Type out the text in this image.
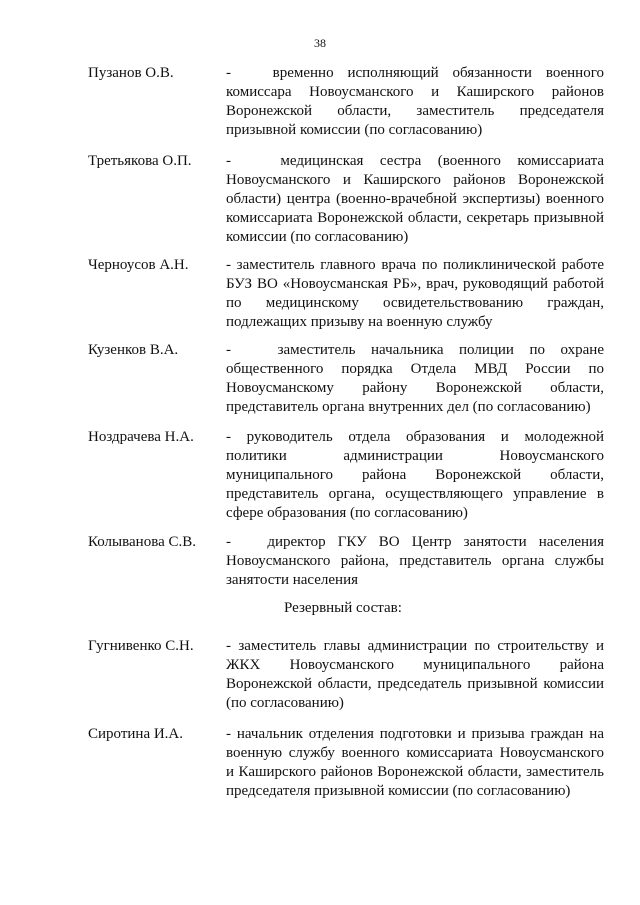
38
Пузанов О.В.	-   временно исполняющий обязанности военного комиссара Новоусманского и Каширского районов Воронежской области, заместитель председателя призывной комиссии (по согласованию)
Третьякова О.П. -   медицинская сестра (военного комиссариата Новоусманского и Каширского районов Воронежской области) центра (военно-врачебной экспертизы) военного комиссариата Воронежской области, секретарь призывной комиссии (по согласованию)
Черноусов А.Н. - заместитель главного врача по поликлинической работе БУЗ ВО «Новоусманская РБ», врач, руководящий работой по медицинскому освидетельствованию граждан, подлежащих призыву на военную службу
Кузенков В.А.	-   заместитель начальника полиции по охране общественного порядка Отдела МВД России по Новоусманскому району Воронежской области, представитель органа внутренних дел (по согласованию)
Ноздрачева Н.А. - руководитель отдела образования и молодежной политики администрации Новоусманского муниципального района Воронежской области, представитель органа, осуществляющего управление в сфере образования (по согласованию)
Колыванова С.В. -   директор ГКУ ВО Центр занятости населения Новоусманского района, представитель органа службы занятости населения
Резервный состав:
Гугнивенко С.Н. - заместитель главы администрации по строительству и ЖКХ Новоусманского муниципального района Воронежской области, председатель призывной комиссии (по согласованию)
Сиротина И.А.	- начальник отделения подготовки и призыва граждан на военную службу военного комиссариата Новоусманского и Каширского районов Воронежской области, заместитель председателя призывной комиссии (по согласованию)
